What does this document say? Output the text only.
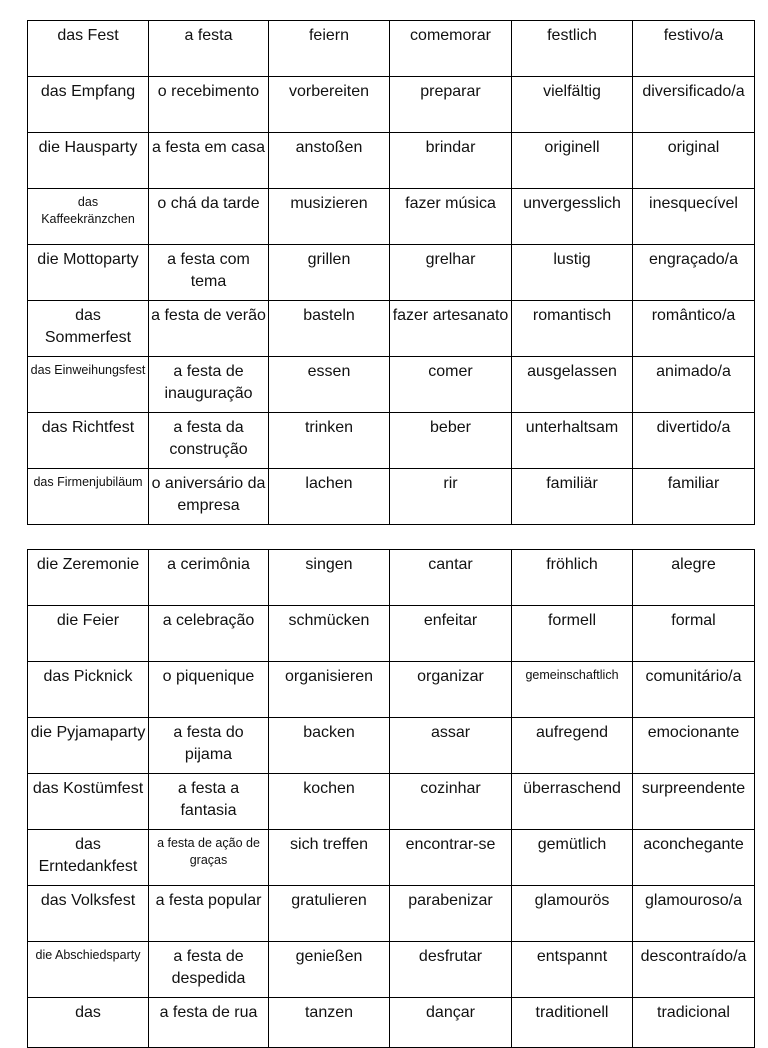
das Fest	a festa	feiern	comemorar	festlich	festivo/a
das Empfang	o recebimento	vorbereiten	preparar	vielfältig	diversificado/a
die Hausparty	a festa em casa	anstoßen	brindar	originell	original
das Kaffeekränzchen	o chá da tarde	musizieren	fazer música	unvergesslich	inesquecível
die Mottoparty	a festa com tema	grillen	grelhar	lustig	engraçado/a
das Sommerfest	a festa de verão	basteln	fazer artesanato	romantisch	romântico/a
das Einweihungsfest	a festa de inauguração	essen	comer	ausgelassen	animado/a
das Richtfest	a festa da construção	trinken	beber	unterhaltsam	divertido/a
das Firmenjubiläum	o aniversário da empresa	lachen	rir	familiär	familiar
die Zeremonie	a cerimônia	singen	cantar	fröhlich	alegre
die Feier	a celebração	schmücken	enfeitar	formell	formal
das Picknick	o piquenique	organisieren	organizar	gemeinschaftlich	comunitário/a
die Pyjamaparty	a festa do pijama	backen	assar	aufregend	emocionante
das Kostümfest	a festa a fantasia	kochen	cozinhar	überraschend	surpreendente
das Erntedankfest	a festa de ação de graças	sich treffen	encontrar-se	gemütlich	aconchegante
das Volksfest	a festa popular	gratulieren	parabenizar	glamourös	glamouroso/a
die Abschiedsparty	a festa de despedida	genießen	desfrutar	entspannt	descontraído/a
das	a festa de rua	tanzen	dançar	traditionell	tradicional
